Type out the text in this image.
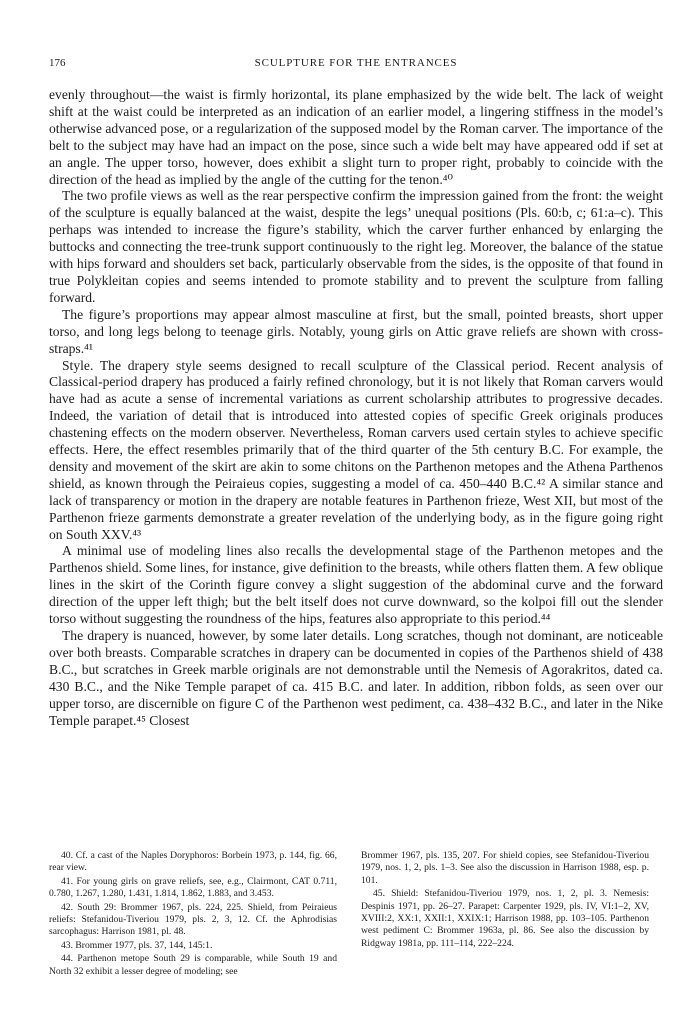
176	SCULPTURE FOR THE ENTRANCES

evenly throughout—the waist is firmly horizontal, its plane emphasized by the wide belt. The lack of weight shift at the waist could be interpreted as an indication of an earlier model, a lingering stiffness in the model’s otherwise advanced pose, or a regularization of the supposed model by the Roman carver. The importance of the belt to the subject may have had an impact on the pose, since such a wide belt may have appeared odd if set at an angle. The upper torso, however, does exhibit a slight turn to proper right, probably to coincide with the direction of the head as implied by the angle of the cutting for the tenon.⁴⁰

The two profile views as well as the rear perspective confirm the impression gained from the front: the weight of the sculpture is equally balanced at the waist, despite the legs’ unequal positions (Pls. 60:b, c; 61:a–c). This perhaps was intended to increase the figure’s stability, which the carver further enhanced by enlarging the buttocks and connecting the tree-trunk support continuously to the right leg. Moreover, the balance of the statue with hips forward and shoulders set back, particularly observable from the sides, is the opposite of that found in true Polykleitan copies and seems intended to promote stability and to prevent the sculpture from falling forward.

The figure’s proportions may appear almost masculine at first, but the small, pointed breasts, short upper torso, and long legs belong to teenage girls. Notably, young girls on Attic grave reliefs are shown with cross-straps.⁴¹

Style. The drapery style seems designed to recall sculpture of the Classical period. Recent analysis of Classical-period drapery has produced a fairly refined chronology, but it is not likely that Roman carvers would have had as acute a sense of incremental variations as current scholarship attributes to progressive decades. Indeed, the variation of detail that is introduced into attested copies of specific Greek originals produces chastening effects on the modern observer. Nevertheless, Roman carvers used certain styles to achieve specific effects. Here, the effect resembles primarily that of the third quarter of the 5th century B.C. For example, the density and movement of the skirt are akin to some chitons on the Parthenon metopes and the Athena Parthenos shield, as known through the Peiraieus copies, suggesting a model of ca. 450–440 B.C.⁴² A similar stance and lack of transparency or motion in the drapery are notable features in Parthenon frieze, West XII, but most of the Parthenon frieze garments demonstrate a greater revelation of the underlying body, as in the figure going right on South XXV.⁴³

A minimal use of modeling lines also recalls the developmental stage of the Parthenon metopes and the Parthenos shield. Some lines, for instance, give definition to the breasts, while others flatten them. A few oblique lines in the skirt of the Corinth figure convey a slight suggestion of the abdominal curve and the forward direction of the upper left thigh; but the belt itself does not curve downward, so the kolpoi fill out the slender torso without suggesting the roundness of the hips, features also appropriate to this period.⁴⁴

The drapery is nuanced, however, by some later details. Long scratches, though not dominant, are noticeable over both breasts. Comparable scratches in drapery can be documented in copies of the Parthenos shield of 438 B.C., but scratches in Greek marble originals are not demonstrable until the Nemesis of Agorakritos, dated ca. 430 B.C., and the Nike Temple parapet of ca. 415 B.C. and later. In addition, ribbon folds, as seen over our upper torso, are discernible on figure C of the Parthenon west pediment, ca. 438–432 B.C., and later in the Nike Temple parapet.⁴⁵ Closest

40. Cf. a cast of the Naples Doryphoros: Borbein 1973, p. 144, fig. 66, rear view.

41. For young girls on grave reliefs, see, e.g., Clairmont, CAT 0.711, 0.780, 1.267, 1.280, 1.431, 1.814, 1.862, 1.883, and 3.453.

42. South 29: Brommer 1967, pls. 224, 225. Shield, from Peiraieus reliefs: Stefanidou-Tiveriou 1979, pls. 2, 3, 12. Cf. the Aphrodisias sarcophagus: Harrison 1981, pl. 48.

43. Brommer 1977, pls. 37, 144, 145:1.

44. Parthenon metope South 29 is comparable, while South 19 and North 32 exhibit a lesser degree of modeling; see

Brommer 1967, pls. 135, 207. For shield copies, see Stefanidou-Tiveriou 1979, nos. 1, 2, pls. 1–3. See also the discussion in Harrison 1988, esp. p. 101.

45. Shield: Stefanidou-Tiveriou 1979, nos. 1, 2, pl. 3. Nemesis: Despinis 1971, pp. 26–27. Parapet: Carpenter 1929, pls. IV, VI:1–2, XV, XVIII:2, XX:1, XXII:1, XXIX:1; Harrison 1988, pp. 103–105. Parthenon west pediment C: Brommer 1963a, pl. 86. See also the discussion by Ridgway 1981a, pp. 111–114, 222–224.
